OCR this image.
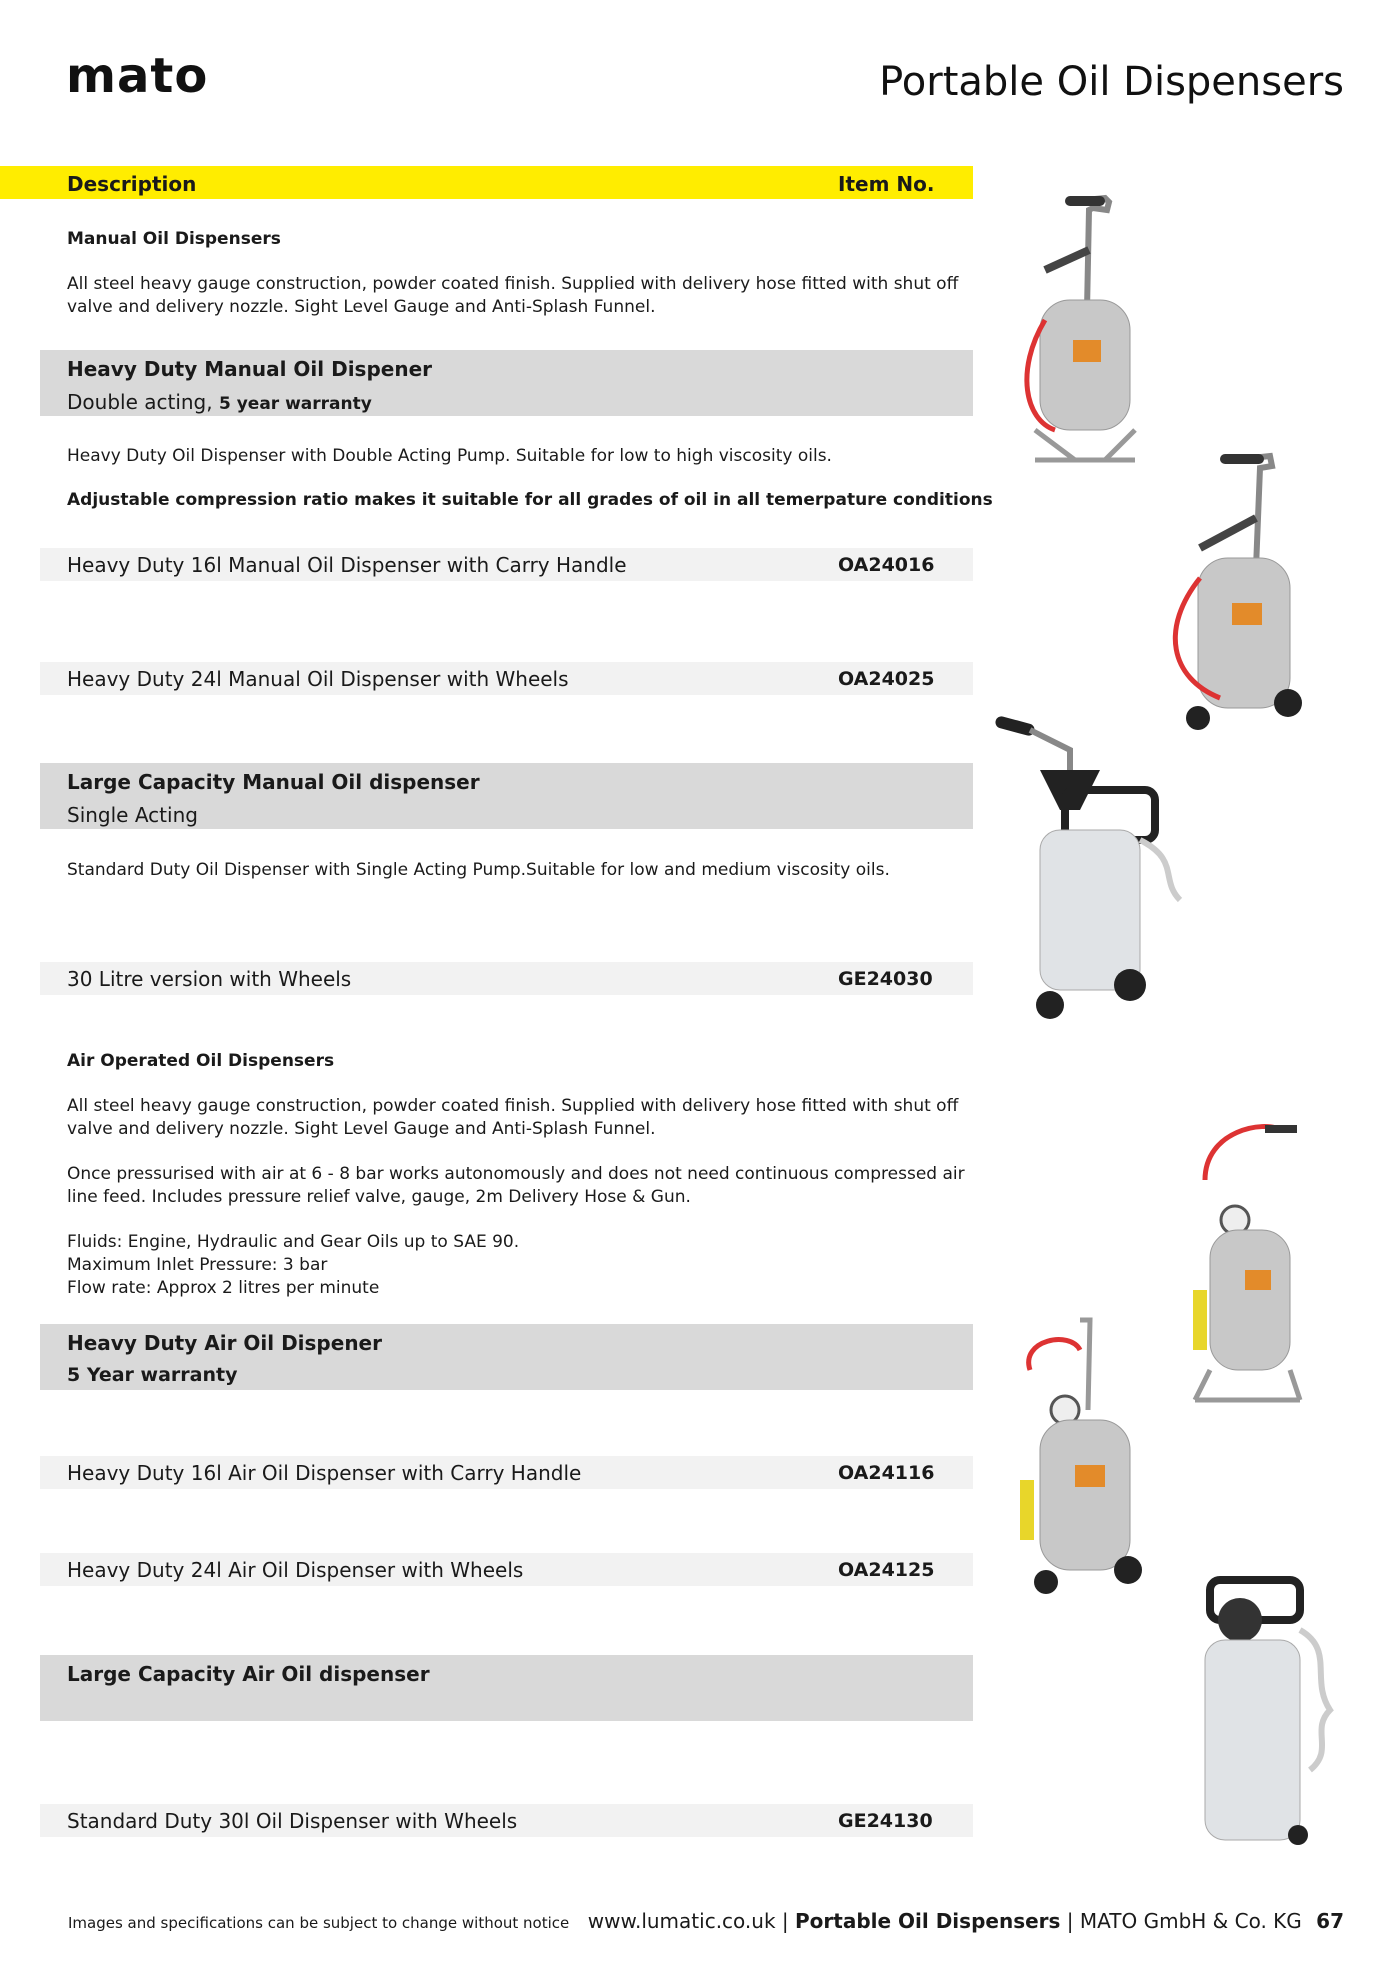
mato	Portable Oil Dispensers
Description	Item No.
Manual Oil Dispensers

All steel heavy gauge construction, powder coated finish. Supplied with delivery hose fitted with shut off valve and delivery nozzle. Sight Level Gauge and Anti-Splash Funnel.

Heavy Duty Manual Oil Dispener
Double acting, 5 year warranty
Heavy Duty Oil Dispenser with Double Acting Pump. Suitable for low to high viscosity oils.
Adjustable compression ratio makes it suitable for all grades of oil in all temerpature conditions
Heavy Duty 16l Manual Oil Dispenser with Carry Handle	OA24016
Heavy Duty 24l Manual Oil Dispenser with Wheels	OA24025
Large Capacity Manual Oil dispenser
Single Acting
Standard Duty Oil Dispenser with Single Acting Pump.Suitable for low and medium viscosity oils.
30 Litre version with Wheels	GE24030
Air Operated Oil Dispensers

All steel heavy gauge construction, powder coated finish. Supplied with delivery hose fitted with shut off valve and delivery nozzle. Sight Level Gauge and Anti-Splash Funnel.

Once pressurised with air at 6 - 8 bar works autonomously and does not need continuous compressed air line feed. Includes pressure relief valve, gauge, 2m Delivery Hose & Gun.

Fluids: Engine, Hydraulic and Gear Oils up to SAE 90.
Maximum Inlet Pressure: 3 bar
Flow rate: Approx 2 litres per minute
Heavy Duty Air Oil Dispener
5 Year warranty
Heavy Duty 16l Air Oil Dispenser with Carry Handle	OA24116
Heavy Duty 24l Air Oil Dispenser with Wheels	OA24125
Large Capacity Air Oil dispenser
Standard Duty 30l Oil Dispenser with Wheels	GE24130
Images and specifications can be subject to change without notice www.lumatic.co.uk | Portable Oil Dispensers | MATO GmbH & Co. KG 67
